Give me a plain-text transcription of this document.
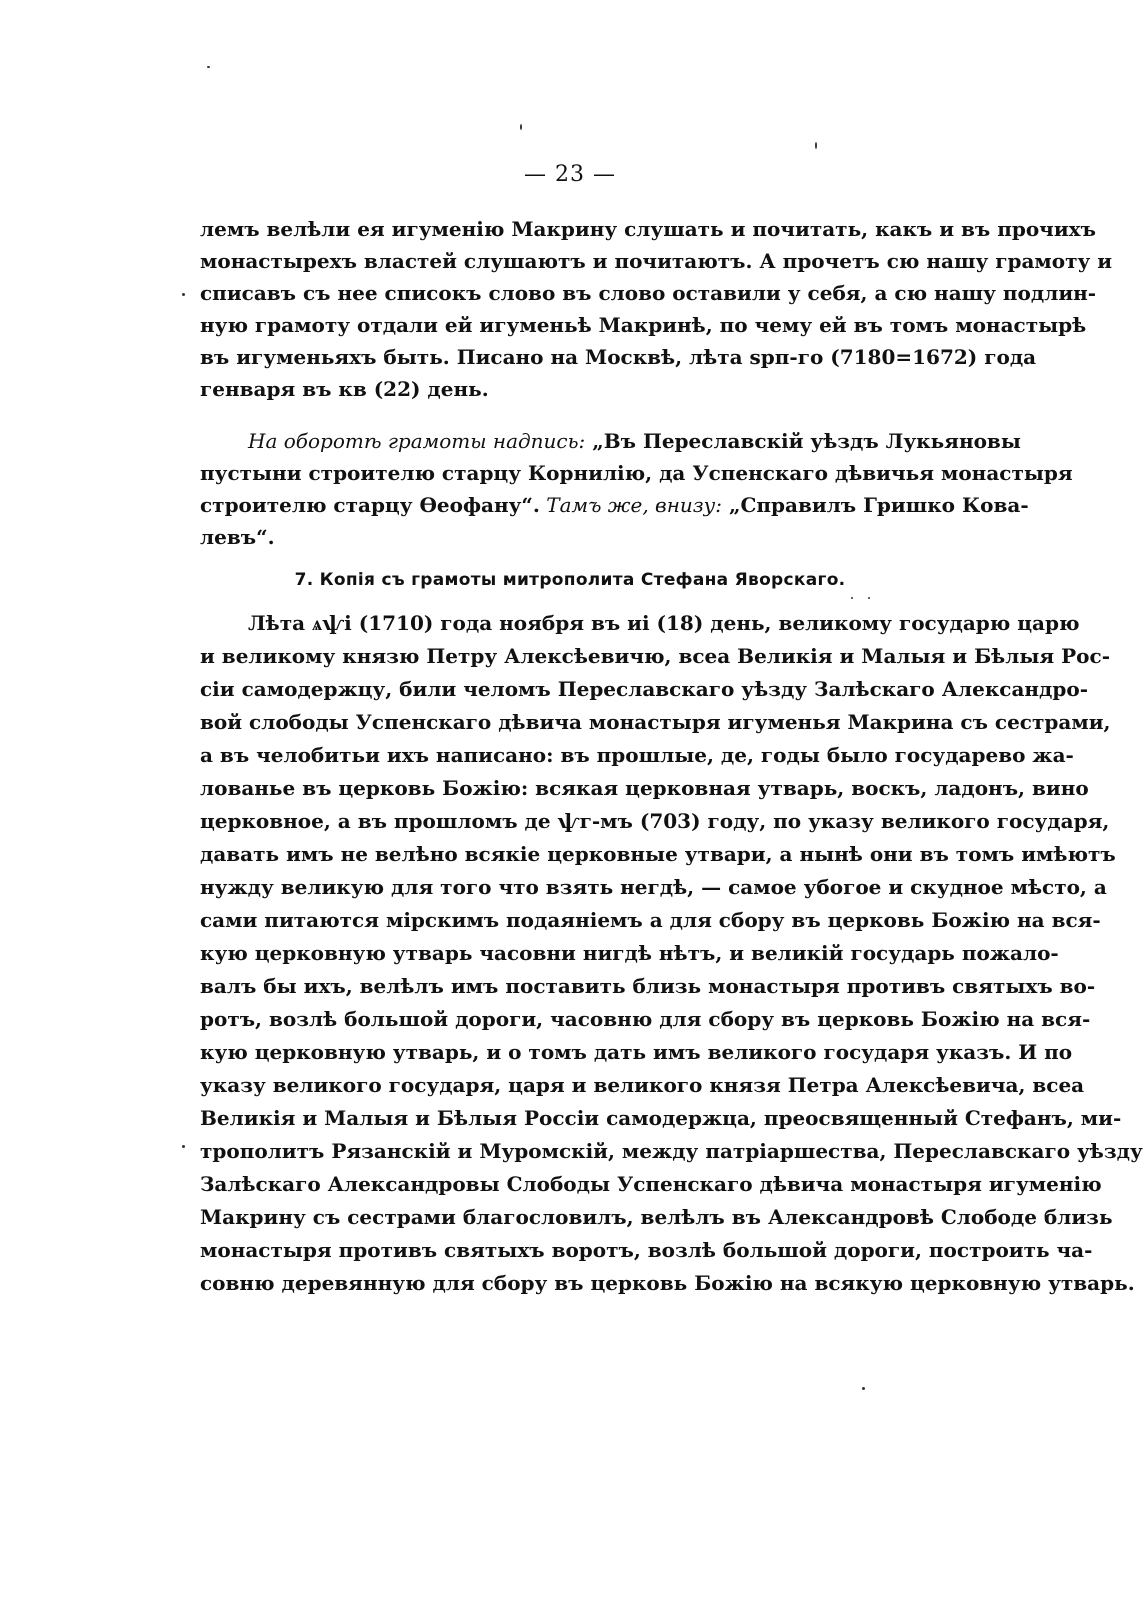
— 23 —
лемъ велѣли ея игуменію Макрину слушать и почитать, какъ и въ прочихъ
монастырехъ властей слушаютъ и почитаютъ. А прочетъ сю нашу грамоту и
списавъ съ нее списокъ слово въ слово оставили у себя, а сю нашу подлин-
ную грамоту отдали ей игуменьѣ Макринѣ, по чему ей въ томъ монастырѣ
въ игуменьяхъ быть. Писано на Москвѣ, лѣта ѕрп-го (7180=1672) года
генваря въ кв (22) день.
На оборотѣ грамоты надпись: „Въ Переславскій уѣздъ Лукьяновы
пустыни строителю старцу Корнилію, да Успенскаго дѣвичья монастыря
строителю старцу Ѳеофану“. Тамъ же, внизу: „Справилъ Гришко Кова-
левъ“.
7. Копія съ грамоты митрополита Стефана Яворскаго.
Лѣта ѧѱі (1710) года ноября въ иі (18) день, великому государю царю
и великому князю Петру Алексѣевичю, всеа Великія и Малыя и Бѣлыя Рос-
сіи самодержцу, били челомъ Переславскаго уѣзду Залѣскаго Александро-
вой слободы Успенскаго дѣвича монастыря игуменья Макрина съ сестрами,
а въ челобитьи ихъ написано: въ прошлые, де, годы было государево жа-
лованье въ церковь Божію: всякая церковная утварь, воскъ, ладонъ, вино
церковное, а въ прошломъ де ѱг-мъ (703) году, по указу великого государя,
давать имъ не велѣно всякіе церковные утвари, а нынѣ они въ томъ имѣютъ
нужду великую для того что взять негдѣ, — самое убогое и скудное мѣсто, а
сами питаются мірскимъ подаяніемъ а для сбору въ церковь Божію на вся-
кую церковную утварь часовни нигдѣ нѣтъ, и великій государь пожало-
валъ бы ихъ, велѣлъ имъ поставить близь монастыря противъ святыхъ во-
ротъ, возлѣ большой дороги, часовню для сбору въ церковь Божію на вся-
кую церковную утварь, и о томъ дать имъ великого государя указъ. И по
указу великого государя, царя и великого князя Петра Алексѣевича, всеа
Великія и Малыя и Бѣлыя Россіи самодержца, преосвященный Стефанъ, ми-
трополитъ Рязанскій и Муромскій, между патріаршества, Переславскаго уѣзду
Залѣскаго Александровы Слободы Успенскаго дѣвича монастыря игуменію
Макрину съ сестрами благословилъ, велѣлъ въ Александровѣ Слободе близь
монастыря противъ святыхъ воротъ, возлѣ большой дороги, построить ча-
совню деревянную для сбору въ церковь Божію на всякую церковную утварь.
